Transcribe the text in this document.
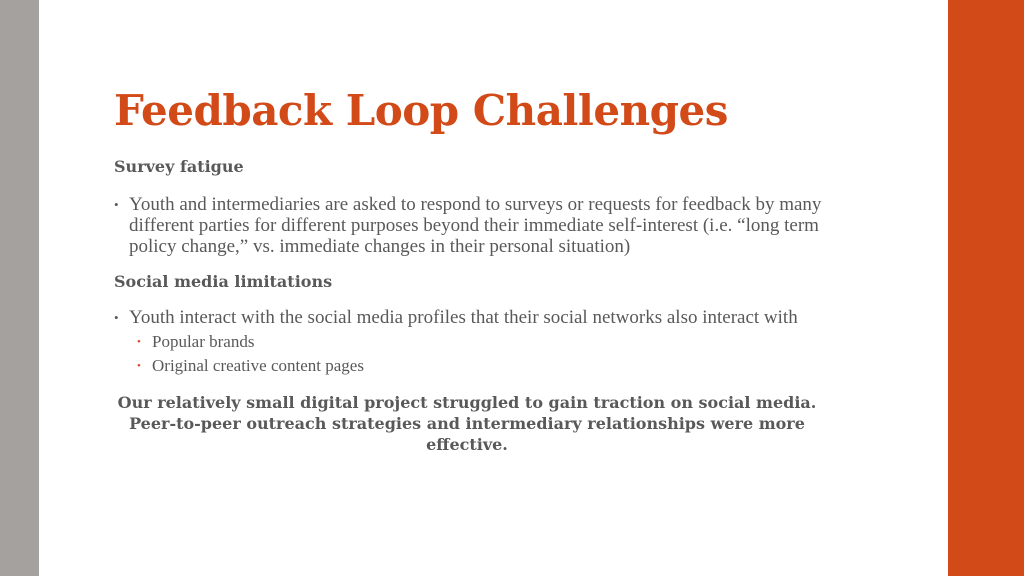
Feedback Loop Challenges
Survey fatigue
• Youth and intermediaries are asked to respond to surveys or requests for feedback by many different parties for different purposes beyond their immediate self-interest (i.e. “long term policy change,” vs. immediate changes in their personal situation)
Social media limitations
• Youth interact with the social media profiles that their social networks also interact with
• Popular brands
• Original creative content pages
Our relatively small digital project struggled to gain traction on social media. Peer-to-peer outreach strategies and intermediary relationships were more effective.
